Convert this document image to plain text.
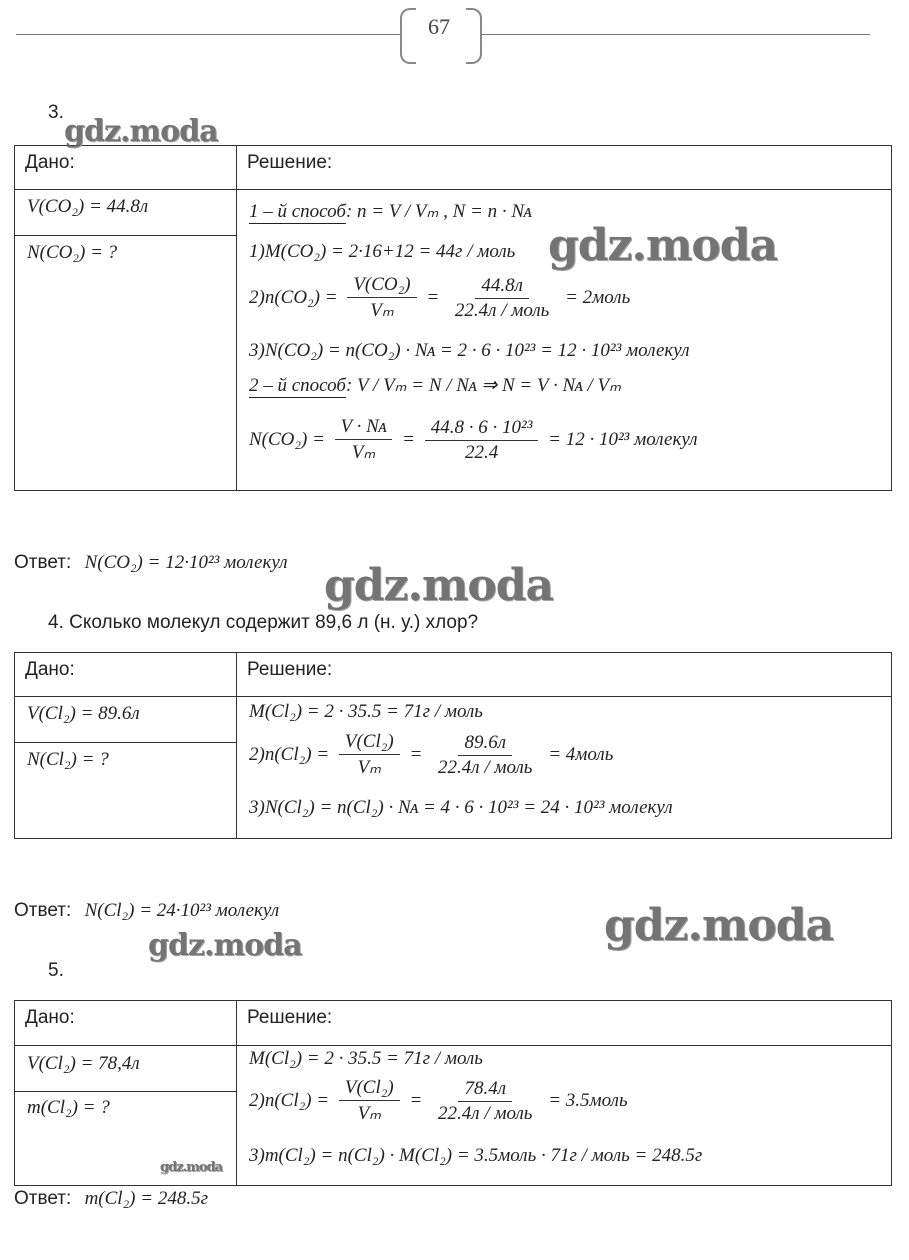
67
3.
Дано:	Решение:
V(CO₂) = 44.8л
N(CO₂) = ?
1 – й способ : n = V / Vₘ , N = n · Nᴀ
1)M(CO₂) = 2·16+12 = 44г / моль
$2)n(CO_2) = \frac{\text{V(CO₂)}}{\text{Vₘ}} = \frac{44.8л}{\text{22.4л / моль}}$ = 2моль
3)N(CO₂) = n(CO₂) · Nᴀ = 2 · 6 · 10²³ = 12 · 10²³ молекул
2 – й способ : V / Vₘ = N / Nᴀ ⇒ N = V · Nᴀ / Vₘ
$N(CO_2) = \frac{\text{V · Nᴀ}}{\text{Vₘ}} = \frac{\text{44.8 · 6 · 10²³}}{22.4} = 12 \cdot 10^{23}$ молекул
Ответ: N(CO₂) = 12·10²³ молекул
4. Сколько молекул содержит 89,6 л (н. у.) хлор?
Дано:	Решение:
V(Cl₂) = 89.6л
N(Cl₂) = ?
M(Cl₂) = 2 · 35.5 = 71г / моль
$2)n(Cl_2) = \frac{\text{V(Cl₂)}}{\text{Vₘ}} = \frac{89.6л}{\text{22.4л / моль}}$ = 4моль
3)N(Cl₂) = n(Cl₂) · Nᴀ = 4 · 6 · 10²³ = 24 · 10²³ молекул
Ответ: N(Cl₂) = 24·10²³ молекул
5.
Дано:	Решение:
V(Cl₂) = 78,4л
m(Cl₂) = ?
M(Cl₂) = 2 · 35.5 = 71г / моль
$2)n(Cl_2) = \frac{\text{V(Cl₂)}}{\text{Vₘ}} = \frac{78.4л}{\text{22.4л / моль}}$ = 3.5моль
3)m(Cl₂) = n(Cl₂) · M(Cl₂) = 3.5моль · 71г / моль = 248.5г
Ответ: m(Cl₂) = 248.5г
gdz.moda
gdz.moda
gdz.moda
gdz.moda
gdz.moda
gdz.moda
